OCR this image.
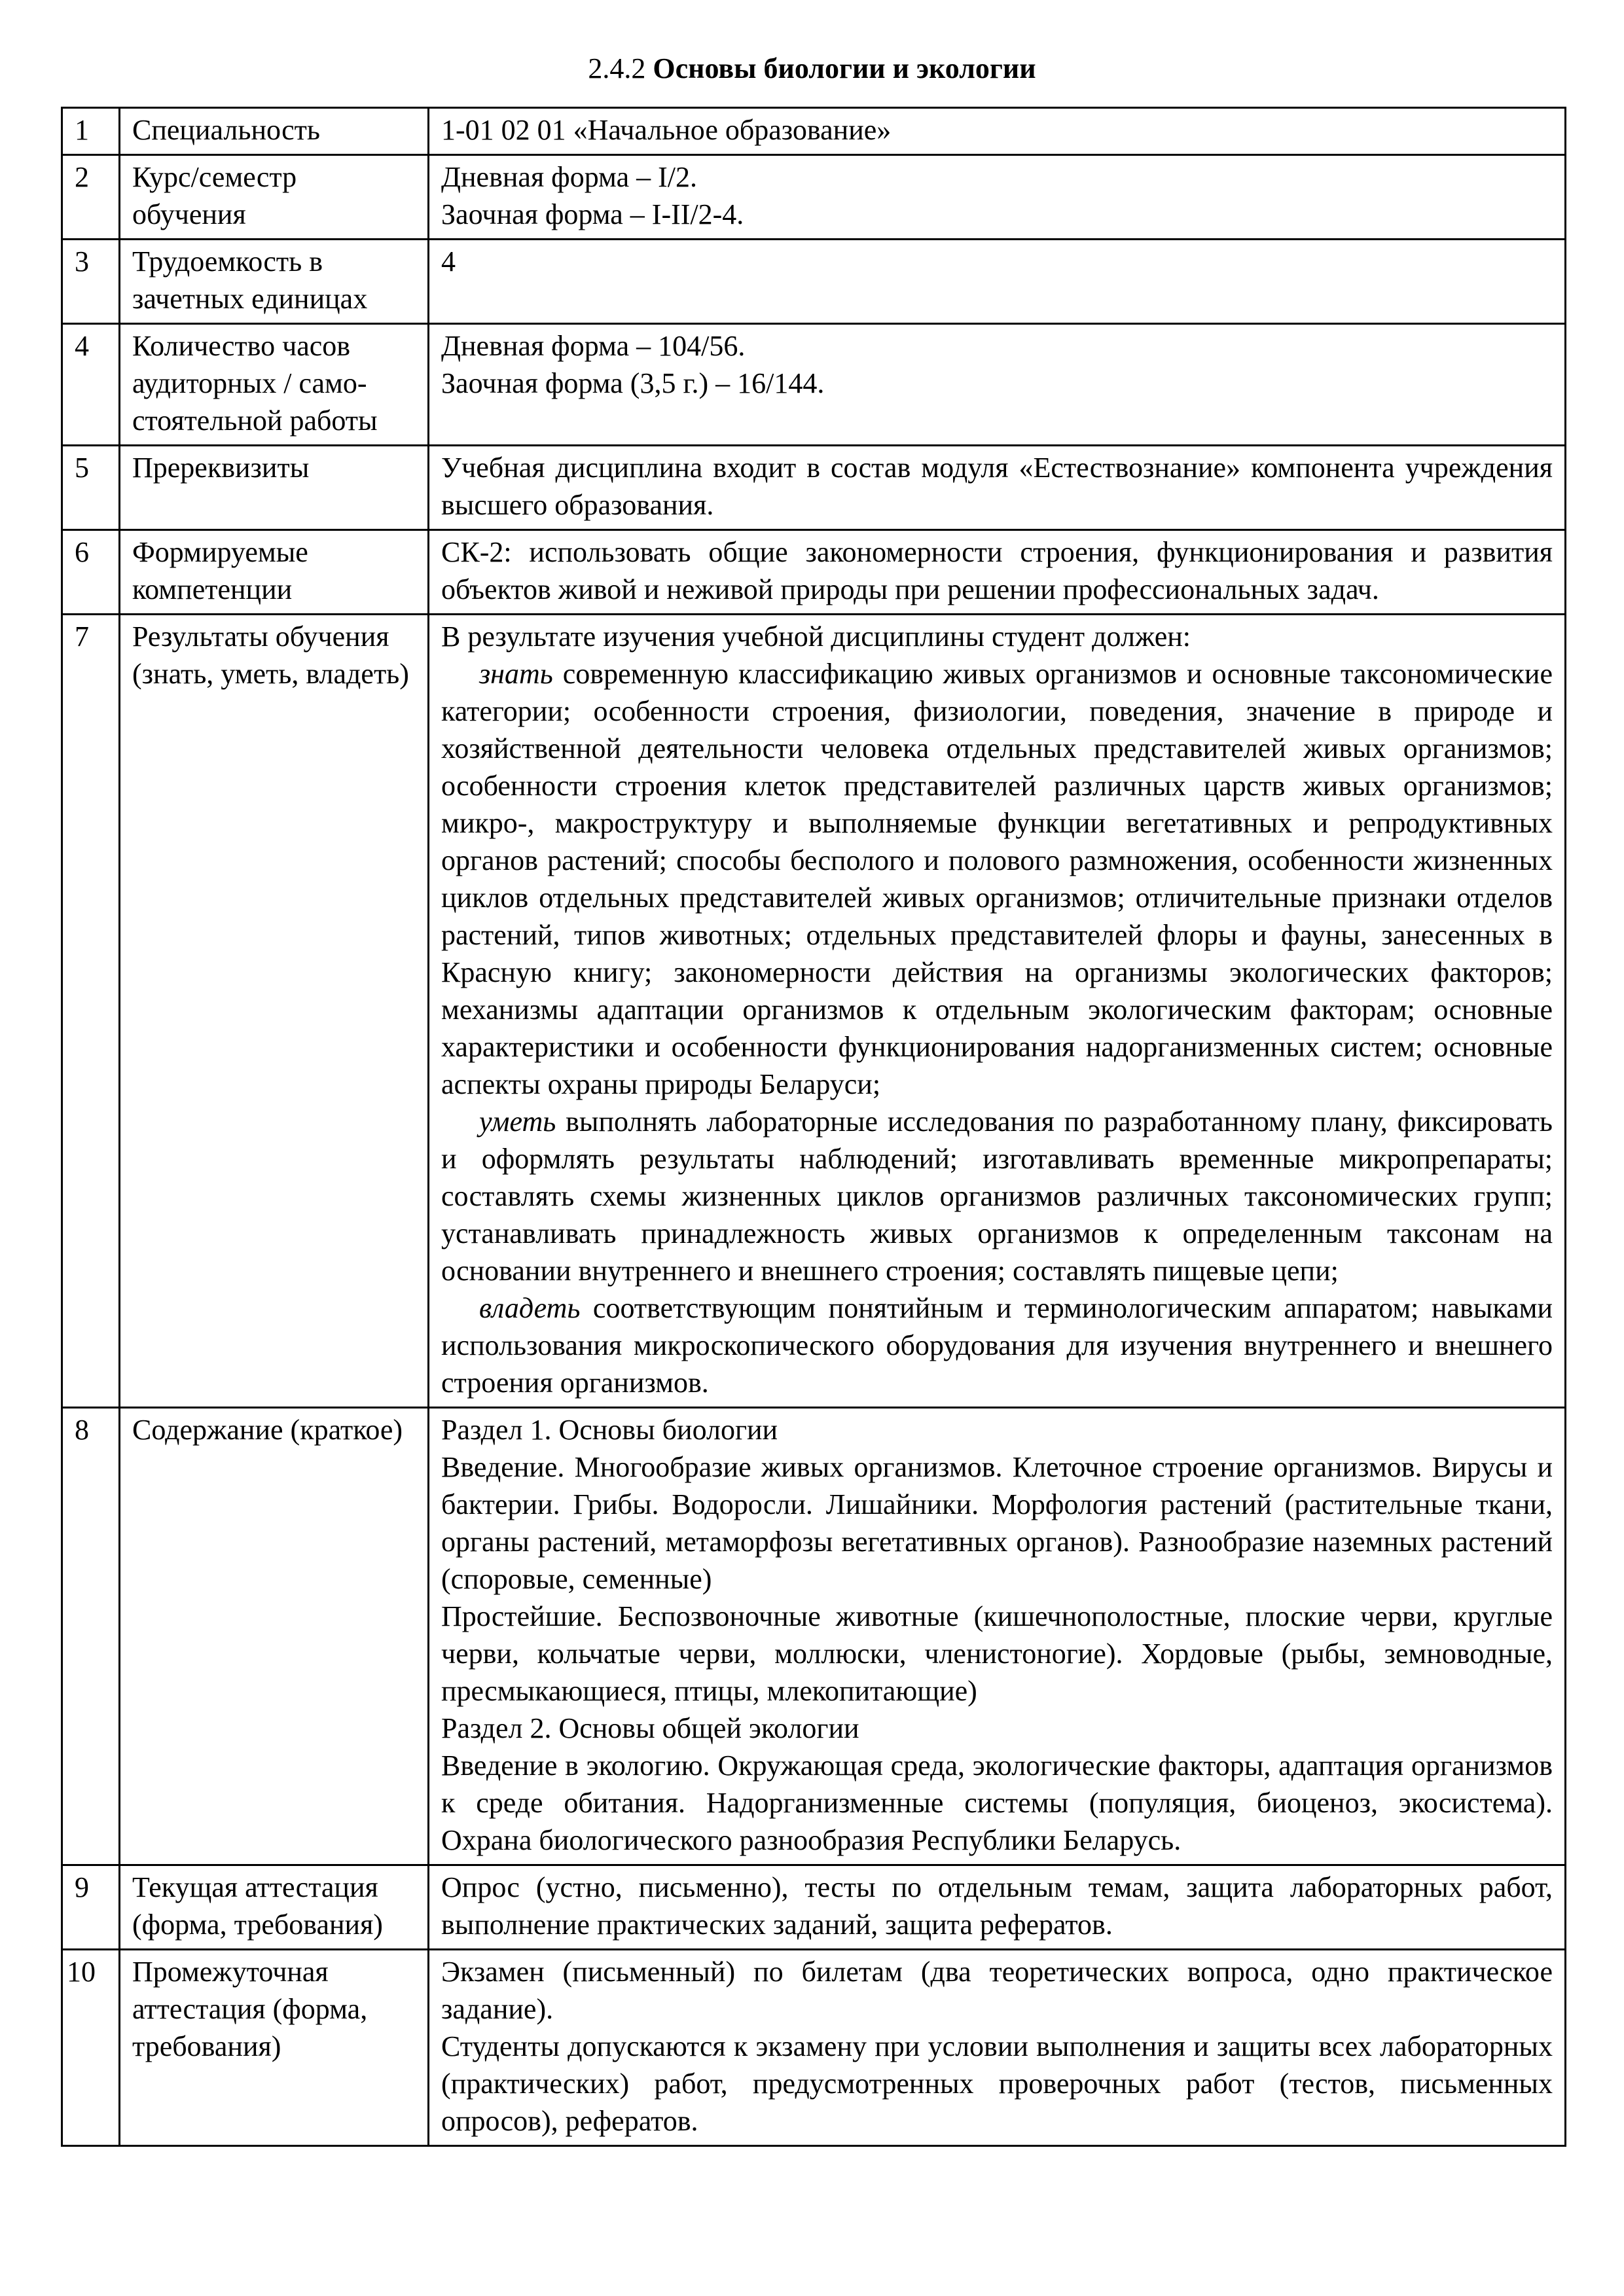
2.4.2 Основы биологии и экологии
1	Специальность	1-01 02 01 «Начальное образование»

2	Курс/семестр обучения	Дневная форма – I/2.
Заочная форма – I-II/2-4.

3	Трудоемкость в зачетных единицах	4

4	Количество часов аудиторных / само-стоятельной работы	Дневная форма – 104/56.
Заочная форма (3,5 г.) – 16/144.

5	Пререквизиты	Учебная дисциплина входит в состав модуля «Естествознание» компонента учреждения высшего образования.

6	Формируемые компетенции	СК-2: использовать общие закономерности строения, функционирования и развития объектов живой и неживой природы при решении профессиональных задач.

7	Результаты обучения (знать, уметь, владеть)	В результате изучения учебной дисциплины студент должен:
знать современную классификацию живых организмов и основные таксономические категории; особенности строения, физиологии, поведения, значение в природе и хозяйственной деятельности человека отдельных представителей живых организмов; особенности строения клеток представителей различных царств живых организмов; микро-, макроструктуру и выполняемые функции вегетативных и репродуктивных органов растений; способы бесполого и полового размножения, особенности жизненных циклов отдельных представителей живых организмов; отличительные признаки отделов растений, типов животных; отдельных представителей флоры и фауны, занесенных в Красную книгу; закономерности действия на организмы экологических факторов; механизмы адаптации организмов к отдельным экологическим факторам; основные характеристики и особенности функционирования надорганизменных систем; основные аспекты охраны природы Беларуси;
уметь выполнять лабораторные исследования по разработанному плану, фиксировать и оформлять результаты наблюдений; изготавливать временные микропрепараты; составлять схемы жизненных циклов организмов различных таксономических групп; устанавливать принадлежность живых организмов к определенным таксонам на основании внутреннего и внешнего строения; составлять пищевые цепи;
владеть соответствующим понятийным и терминологическим аппаратом; навыками использования микроскопического оборудования для изучения внутреннего и внешнего строения организмов.

8	Содержание (краткое)	Раздел 1. Основы биологии
Введение. Многообразие живых организмов. Клеточное строение организмов. Вирусы и бактерии. Грибы. Водоросли. Лишайники. Морфология растений (растительные ткани, органы растений, метаморфозы вегетативных органов). Разнообразие наземных растений (споровые, семенные)
Простейшие. Беспозвоночные животные (кишечнополостные, плоские черви, круглые черви, кольчатые черви, моллюски, членистоногие). Хордовые (рыбы, земноводные, пресмыкающиеся, птицы, млекопитающие)
Раздел 2. Основы общей экологии
Введение в экологию. Окружающая среда, экологические факторы, адаптация организмов к среде обитания. Надорганизменные системы (популяция, биоценоз, экосистема). Охрана биологического разнообразия Республики Беларусь.

9	Текущая аттестация (форма, требования)	Опрос (устно, письменно), тесты по отдельным темам, защита лабораторных работ, выполнение практических заданий, защита рефератов.

10	Промежуточная аттестация (форма, требования)	Экзамен (письменный) по билетам (два теоретических вопроса, одно практическое задание).
Студенты допускаются к экзамену при условии выполнения и защиты всех лабораторных (практических) работ, предусмотренных проверочных работ (тестов, письменных опросов), рефератов.
